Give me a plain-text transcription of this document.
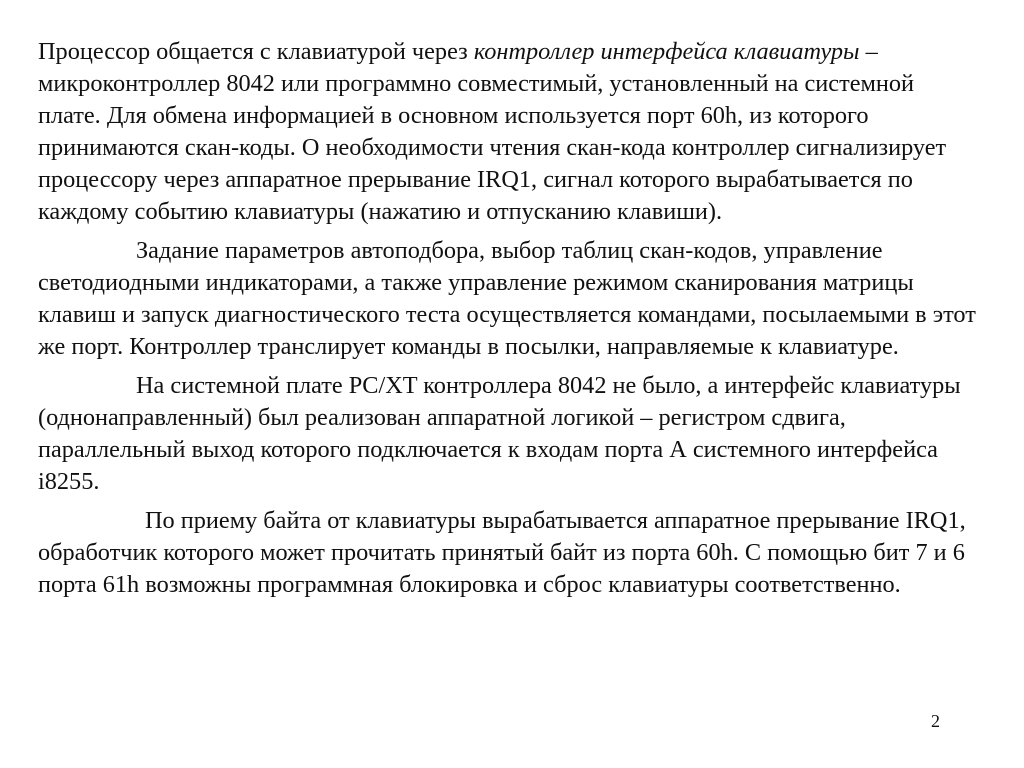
Процессор общается с клавиатурой через контроллер интерфейса клавиатуры – микроконтроллер 8042 или программно совместимый, установленный на системной плате. Для обмена информацией в основном используется порт 60h, из которого принимаются скан-коды. О необходимости чтения скан-кода контроллер сигнализирует процессору через аппаратное прерывание IRQ1, сигнал которого вырабатывается по каждому событию клавиатуры (нажатию и отпусканию клавиши).

Задание параметров автоподбора, выбор таблиц скан-кодов, управление светодиодными индикаторами, а также управление режимом сканирования матрицы клавиш и запуск диагностического теста осуществляется командами, посылаемыми в этот же порт. Контроллер транслирует команды в посылки, направляемые к клавиатуре.

На системной плате PC/XT контроллера 8042 не было, а интерфейс клавиатуры (однонаправленный) был реализован аппаратной логикой – регистром сдвига, параллельный выход которого подключается к входам порта А системного интерфейса i8255.

По приему байта от клавиатуры вырабатывается аппаратное прерывание IRQ1, обработчик которого может прочитать принятый байт из порта 60h. С помощью бит 7 и 6 порта 61h возможны программная блокировка и сброс клавиатуры соответственно.

2
